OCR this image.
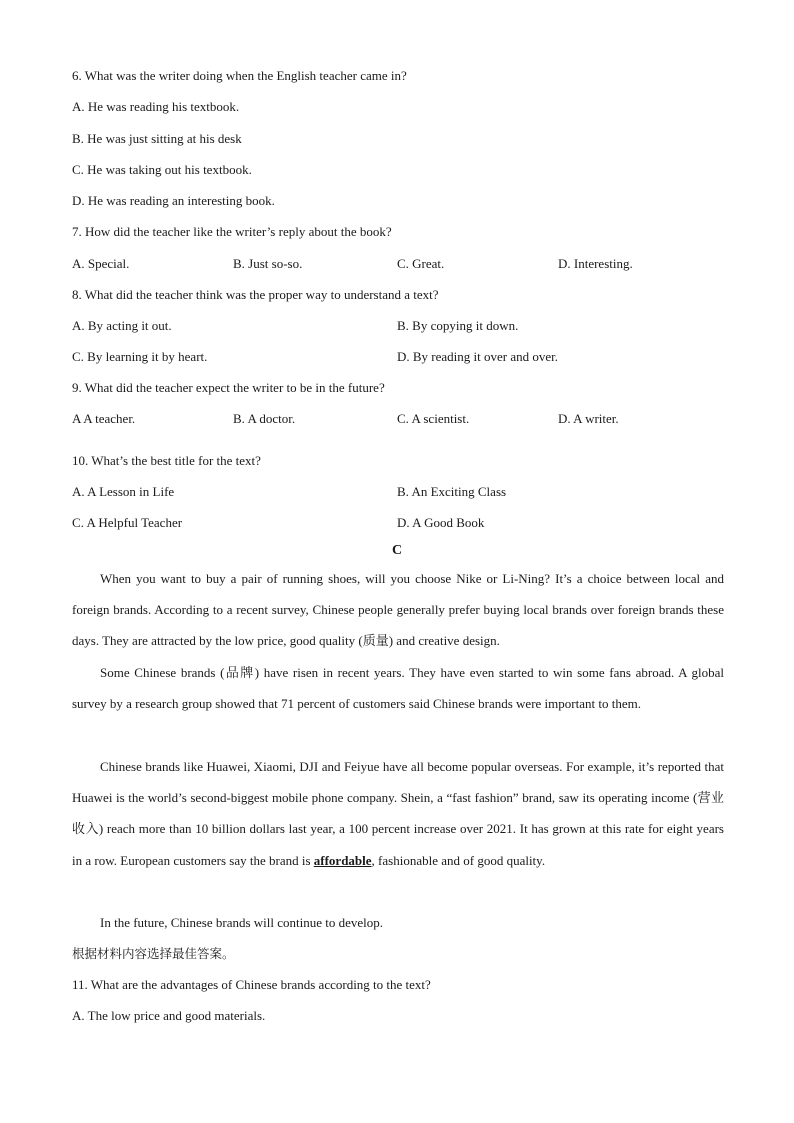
6. What was the writer doing when the English teacher came in?
A. He was reading his textbook.
B. He was just sitting at his desk
C. He was taking out his textbook.
D. He was reading an interesting book.
7. How did the teacher like the writer’s reply about the book?
A. Special.	B. Just so-so.	C. Great.	D. Interesting.
8. What did the teacher think was the proper way to understand a text?
A. By acting it out.	B. By copying it down.
C. By learning it by heart.	D. By reading it over and over.
9. What did the teacher expect the writer to be in the future?
A A teacher.	B. A doctor.	C. A scientist.	D. A writer.
10. What’s the best title for the text?
A. A Lesson in Life	B. An Exciting Class
C. A Helpful Teacher	D. A Good Book
C
When you want to buy a pair of running shoes, will you choose Nike or Li-Ning? It’s a choice between local and foreign brands. According to a recent survey, Chinese people generally prefer buying local brands over foreign brands these days. They are attracted by the low price, good quality (质量) and creative design.
Some Chinese brands (品牌) have risen in recent years. They have even started to win some fans abroad. A global survey by a research group showed that 71 percent of customers said Chinese brands were important to them.
Chinese brands like Huawei, Xiaomi, DJI and Feiyue have all become popular overseas. For example, it’s reported that Huawei is the world’s second-biggest mobile phone company. Shein, a “fast fashion” brand, saw its operating income (营业收入) reach more than 10 billion dollars last year, a 100 percent increase over 2021. It has grown at this rate for eight years in a row. European customers say the brand is affordable, fashionable and of good quality.
In the future, Chinese brands will continue to develop.
根据材料内容选择最佳答案。
11. What are the advantages of Chinese brands according to the text?
A. The low price and good materials.
